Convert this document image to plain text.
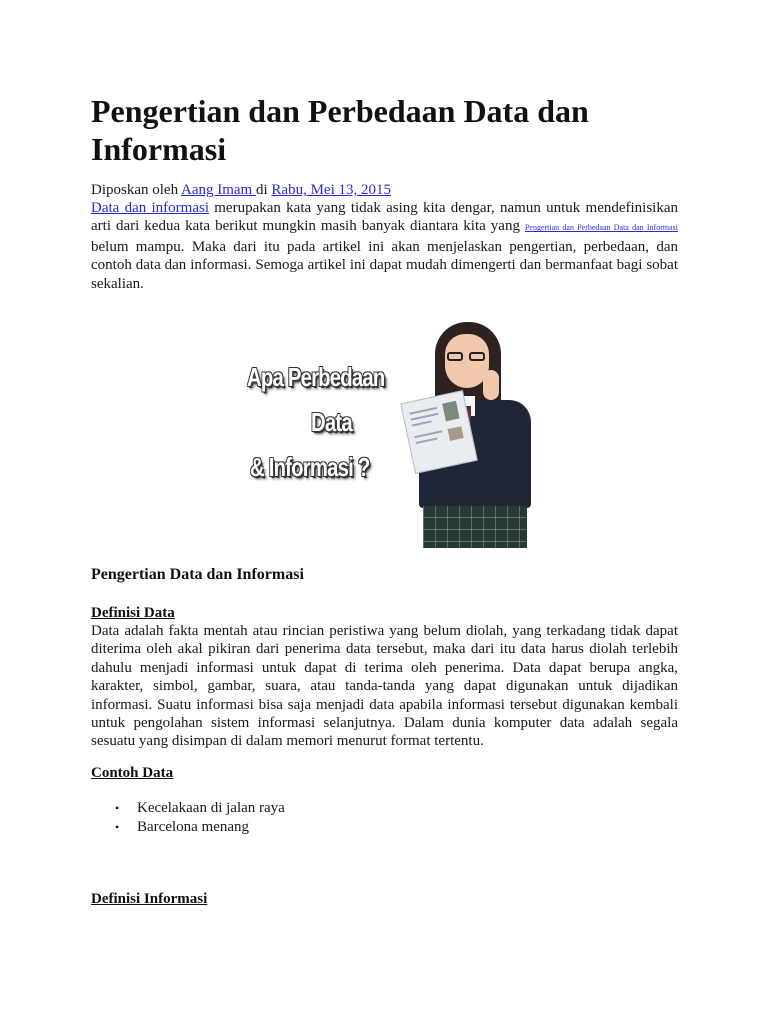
Pengertian dan Perbedaan Data dan Informasi
Diposkan oleh Aang Imam di Rabu, Mei 13, 2015

Data dan informasi merupakan kata yang tidak asing kita dengar, namun untuk mendefinisikan arti dari kedua kata berikut mungkin masih banyak diantara kita yang Pengertian dan Perbedaan Data dan Informasi belum mampu. Maka dari itu pada artikel ini akan menjelaskan pengertian, perbedaan, dan contoh data dan informasi. Semoga artikel ini dapat mudah dimengerti dan bermanfaat bagi sobat sekalian.

Apa Perbedaan
Data
& Informasi ?
Pengertian Data dan Informasi
Definisi Data

Data adalah fakta mentah atau rincian peristiwa yang belum diolah, yang terkadang tidak dapat diterima oleh akal pikiran dari penerima data tersebut, maka dari itu data harus diolah terlebih dahulu menjadi informasi untuk dapat di terima oleh penerima. Data dapat berupa angka, karakter, simbol, gambar, suara, atau tanda-tanda yang dapat digunakan untuk dijadikan informasi. Suatu informasi bisa saja menjadi data apabila informasi tersebut digunakan kembali untuk pengolahan sistem informasi selanjutnya. Dalam dunia komputer data adalah segala sesuatu yang disimpan di dalam memori menurut format tertentu.

Contoh Data
• Kecelakaan di jalan raya
• Barcelona menang
Definisi Informasi
